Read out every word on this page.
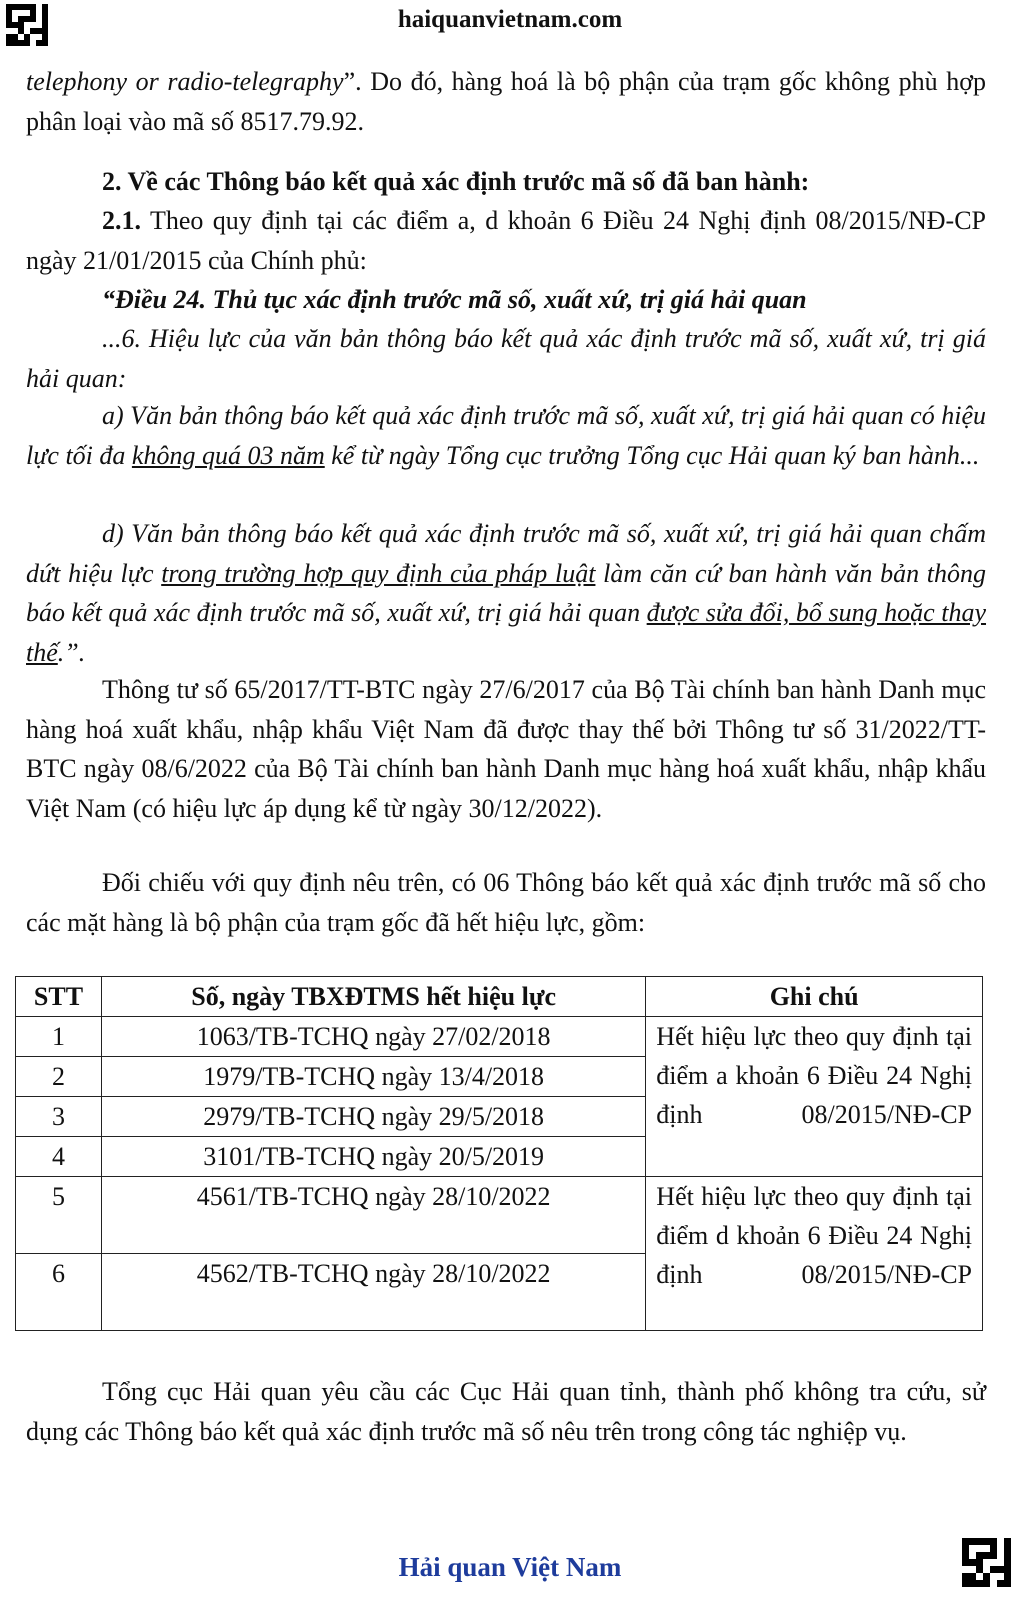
haiquanvietnam.com

telephony or radio-telegraphy”. Do đó, hàng hoá là bộ phận của trạm gốc không phù hợp phân loại vào mã số 8517.79.92.

2. Về các Thông báo kết quả xác định trước mã số đã ban hành:

2.1. Theo quy định tại các điểm a, d khoản 6 Điều 24 Nghị định 08/2015/NĐ-CP ngày 21/01/2015 của Chính phủ:

“Điều 24. Thủ tục xác định trước mã số, xuất xứ, trị giá hải quan

...6. Hiệu lực của văn bản thông báo kết quả xác định trước mã số, xuất xứ, trị giá hải quan:

a) Văn bản thông báo kết quả xác định trước mã số, xuất xứ, trị giá hải quan có hiệu lực tối đa không quá 03 năm kể từ ngày Tổng cục trưởng Tổng cục Hải quan ký ban hành...

d) Văn bản thông báo kết quả xác định trước mã số, xuất xứ, trị giá hải quan chấm dứt hiệu lực trong trường hợp quy định của pháp luật làm căn cứ ban hành văn bản thông báo kết quả xác định trước mã số, xuất xứ, trị giá hải quan được sửa đổi, bổ sung hoặc thay thế.”.

Thông tư số 65/2017/TT-BTC ngày 27/6/2017 của Bộ Tài chính ban hành Danh mục hàng hoá xuất khẩu, nhập khẩu Việt Nam đã được thay thế bởi Thông tư số 31/2022/TT-BTC ngày 08/6/2022 của Bộ Tài chính ban hành Danh mục hàng hoá xuất khẩu, nhập khẩu Việt Nam (có hiệu lực áp dụng kể từ ngày 30/12/2022).

Đối chiếu với quy định nêu trên, có 06 Thông báo kết quả xác định trước mã số cho các mặt hàng là bộ phận của trạm gốc đã hết hiệu lực, gồm:

STT	Số, ngày TBXĐTMS hết hiệu lực	Ghi chú
1	1063/TB-TCHQ ngày 27/02/2018	Hết hiệu lực theo quy định tại điểm a khoản 6 Điều 24 Nghị định 08/2015/NĐ-CP
2	1979/TB-TCHQ ngày 13/4/2018	
3	2979/TB-TCHQ ngày 29/5/2018	
4	3101/TB-TCHQ ngày 20/5/2019	
5	4561/TB-TCHQ ngày 28/10/2022	Hết hiệu lực theo quy định tại điểm d khoản 6 Điều 24 Nghị định 08/2015/NĐ-CP
6	4562/TB-TCHQ ngày 28/10/2022	

Tổng cục Hải quan yêu cầu các Cục Hải quan tỉnh, thành phố không tra cứu, sử dụng các Thông báo kết quả xác định trước mã số nêu trên trong công tác nghiệp vụ.

Hải quan Việt Nam
